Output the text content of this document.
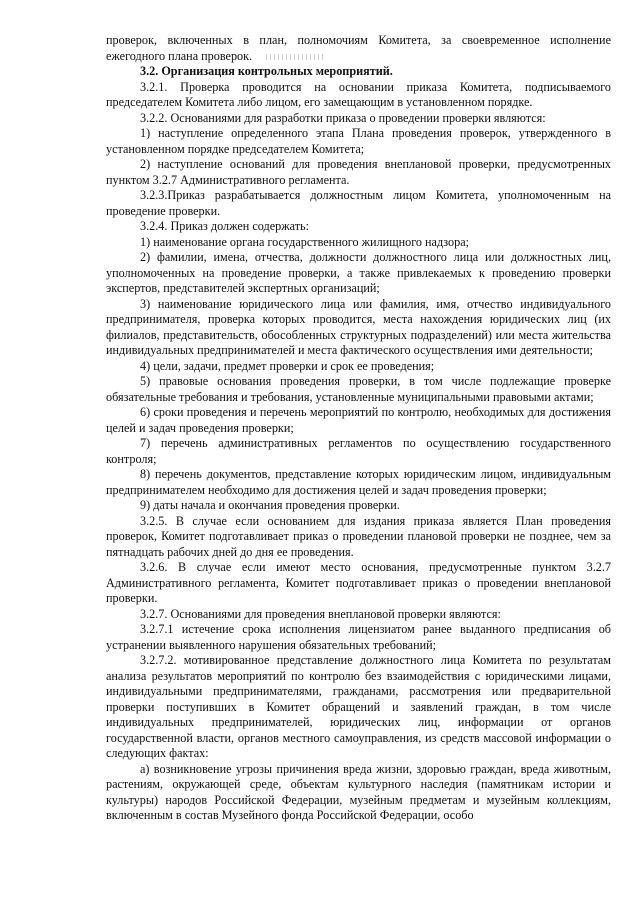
проверок, включенных в план, полномочиям Комитета, за своевременное исполнение ежегодного плана проверок.

3.2. Организация контрольных мероприятий.

3.2.1. Проверка проводится на основании приказа Комитета, подписываемого председателем Комитета либо лицом, его замещающим в установленном порядке.

3.2.2. Основаниями для разработки приказа о проведении проверки являются:

1) наступление определенного этапа Плана проведения проверок, утвержденного в установленном порядке председателем Комитета;

2) наступление оснований для проведения внеплановой проверки, предусмотренных пунктом 3.2.7 Административного регламента.

3.2.3.Приказ разрабатывается должностным лицом Комитета, уполномоченным на проведение проверки.

3.2.4. Приказ должен содержать:

1) наименование органа государственного жилищного надзора;

2) фамилии, имена, отчества, должности должностного лица или должностных лиц, уполномоченных на проведение проверки, а также привлекаемых к проведению проверки экспертов, представителей экспертных организаций;

3) наименование юридического лица или фамилия, имя, отчество индивидуального предпринимателя, проверка которых проводится, места нахождения юридических лиц (их филиалов, представительств, обособленных структурных подразделений) или места жительства индивидуальных предпринимателей и места фактического осуществления ими деятельности;

4) цели, задачи, предмет проверки и срок ее проведения;

5) правовые основания проведения проверки, в том числе подлежащие проверке обязательные требования и требования, установленные муниципальными правовыми актами;

6) сроки проведения и перечень мероприятий по контролю, необходимых для достижения целей и задач проведения проверки;

7) перечень административных регламентов по осуществлению государственного контроля;

8) перечень документов, представление которых юридическим лицом, индивидуальным предпринимателем необходимо для достижения целей и задач проведения проверки;

9) даты начала и окончания проведения проверки.

3.2.5. В случае если основанием для издания приказа является План проведения проверок, Комитет подготавливает приказ о проведении плановой проверки не позднее, чем за пятнадцать рабочих дней до дня ее проведения.

3.2.6. В случае если имеют место основания, предусмотренные пунктом 3.2.7 Административного регламента, Комитет подготавливает приказ о проведении внеплановой проверки.

3.2.7. Основаниями для проведения внеплановой проверки являются:

3.2.7.1 истечение срока исполнения лицензиатом ранее выданного предписания об устранении выявленного нарушения обязательных требований;

3.2.7.2. мотивированное представление должностного лица Комитета по результатам анализа результатов мероприятий по контролю без взаимодействия с юридическими лицами, индивидуальными предпринимателями, гражданами, рассмотрения или предварительной проверки поступивших в Комитет обращений и заявлений граждан, в том числе индивидуальных предпринимателей, юридических лиц, информации от органов государственной власти, органов местного самоуправления, из средств массовой информации о следующих фактах:

а) возникновение угрозы причинения вреда жизни, здоровью граждан, вреда животным, растениям, окружающей среде, объектам культурного наследия (памятникам истории и культуры) народов Российской Федерации, музейным предметам и музейным коллекциям, включенным в состав Музейного фонда Российской Федерации, особо
